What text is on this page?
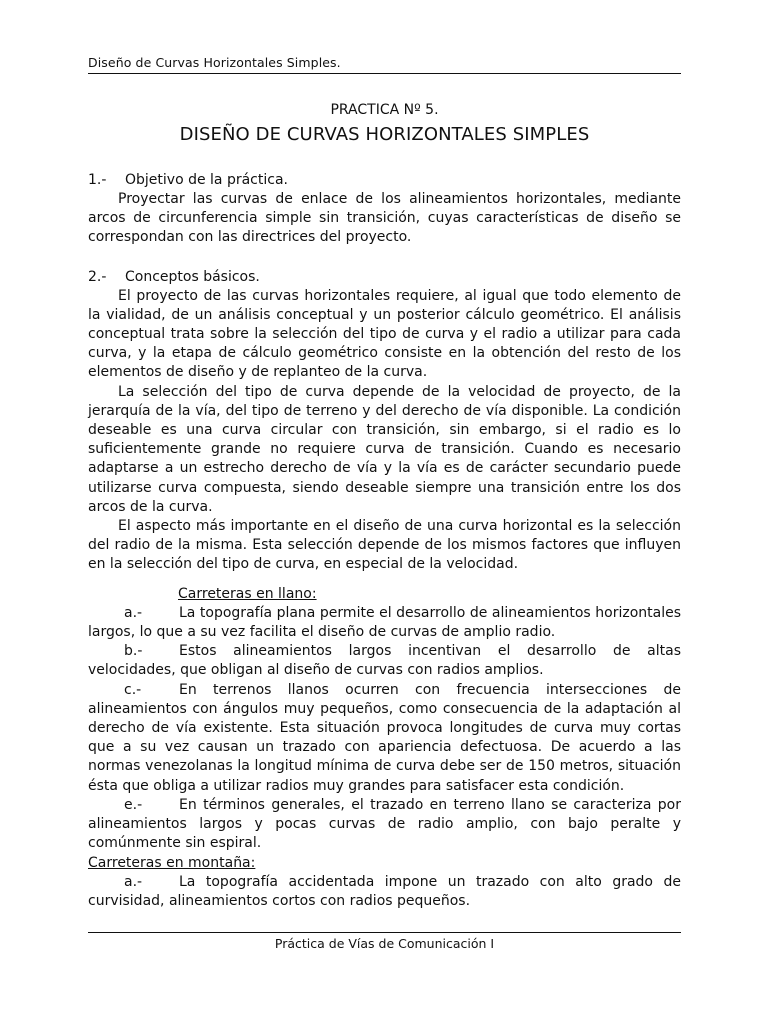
Diseño de Curvas Horizontales Simples.
PRACTICA Nº 5.
DISEÑO DE CURVAS HORIZONTALES SIMPLES
1.- Objetivo de la práctica.

Proyectar las curvas de enlace de los alineamientos horizontales, mediante arcos de circunferencia simple sin transición, cuyas características de diseño se correspondan con las directrices del proyecto.

2.- Conceptos básicos.

El proyecto de las curvas horizontales requiere, al igual que todo elemento de la vialidad, de un análisis conceptual y un posterior cálculo geométrico. El análisis conceptual trata sobre la selección del tipo de curva y el radio a utilizar para cada curva, y la etapa de cálculo geométrico consiste en la obtención del resto de los elementos de diseño y de replanteo de la curva.

La selección del tipo de curva depende de la velocidad de proyecto, de la jerarquía de la vía, del tipo de terreno y del derecho de vía disponible. La condición deseable es una curva circular con transición, sin embargo, si el radio es lo suficientemente grande no requiere curva de transición. Cuando es necesario adaptarse a un estrecho derecho de vía y la vía es de carácter secundario puede utilizarse curva compuesta, siendo deseable siempre una transición entre los dos arcos de la curva.

El aspecto más importante en el diseño de una curva horizontal es la selección del radio de la misma. Esta selección depende de los mismos factores que influyen en la selección del tipo de curva, en especial de la velocidad.

Carreteras en llano:

a.-	La topografía plana permite el desarrollo de alineamientos horizontales largos, lo que a su vez facilita el diseño de curvas de amplio radio.

b.-	Estos alineamientos largos incentivan el desarrollo de altas velocidades, que obligan al diseño de curvas con radios amplios.

c.-	En terrenos llanos ocurren con frecuencia intersecciones de alineamientos con ángulos muy pequeños, como consecuencia de la adaptación al derecho de vía existente. Esta situación provoca longitudes de curva muy cortas que a su vez causan un trazado con apariencia defectuosa. De acuerdo a las normas venezolanas la longitud mínima de curva debe ser de 150 metros, situación ésta que obliga a utilizar radios muy grandes para satisfacer esta condición.

e.-	En términos generales, el trazado en terreno llano se caracteriza por alineamientos largos y pocas curvas de radio amplio, con bajo peralte y comúnmente sin espiral.

Carreteras en montaña:

a.-	La topografía accidentada impone un trazado con alto grado de curvisidad, alineamientos cortos con radios pequeños.

Práctica de Vías de Comunicación I
